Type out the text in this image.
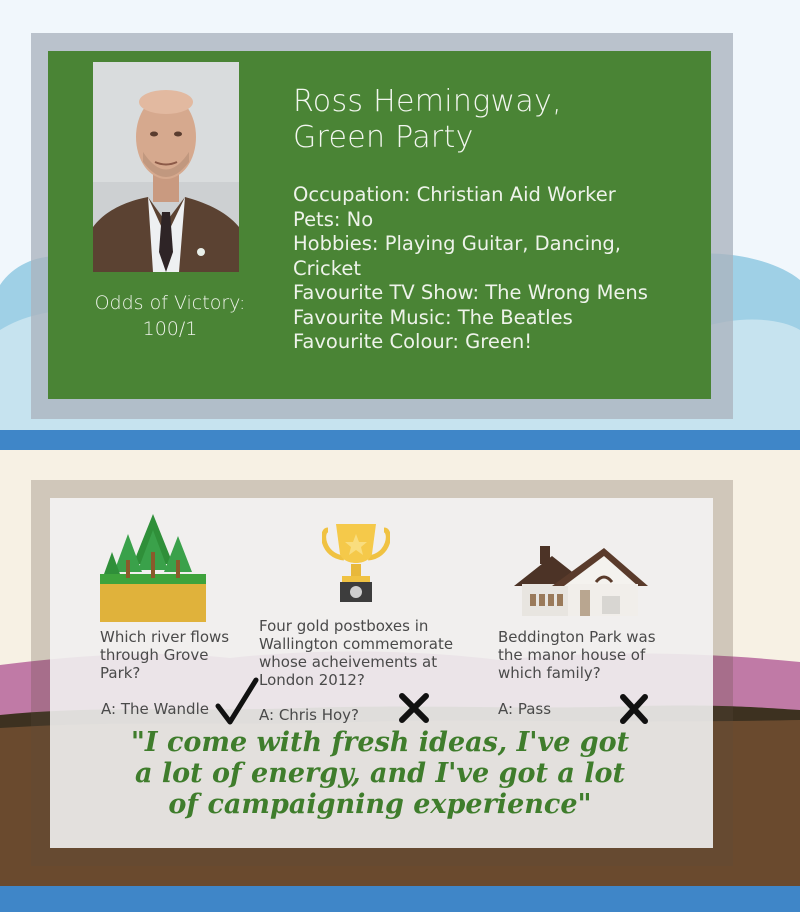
Odds of Victory:
100/1
Ross Hemingway,
Green Party
Occupation: Christian Aid Worker
Pets: No
Hobbies: Playing Guitar, Dancing,
Cricket
Favourite TV Show: The Wrong Mens
Favourite Music: The Beatles
Favourite Colour: Green!
Which river flows through Grove Park?
Four gold postboxes in Wallington commemorate whose acheivements at London 2012?
Beddington Park was the manor house of which family?
A: The Wandle	A: Chris Hoy?	A: Pass
"I come with fresh ideas, I've got a lot of energy, and I've got a lot of campaigning experience"
